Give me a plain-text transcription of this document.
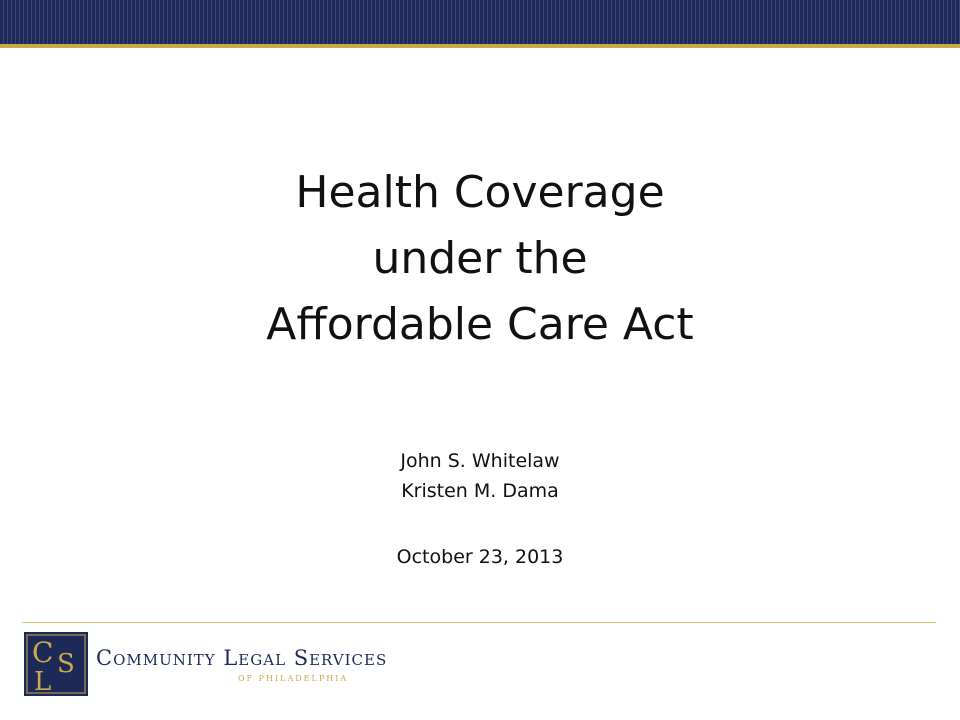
Health Coverage
under the
Affordable Care Act
John S. Whitelaw
Kristen M. Dama
October 23, 2013
C S
L
Community Legal Services
OF PHILADELPHIA
